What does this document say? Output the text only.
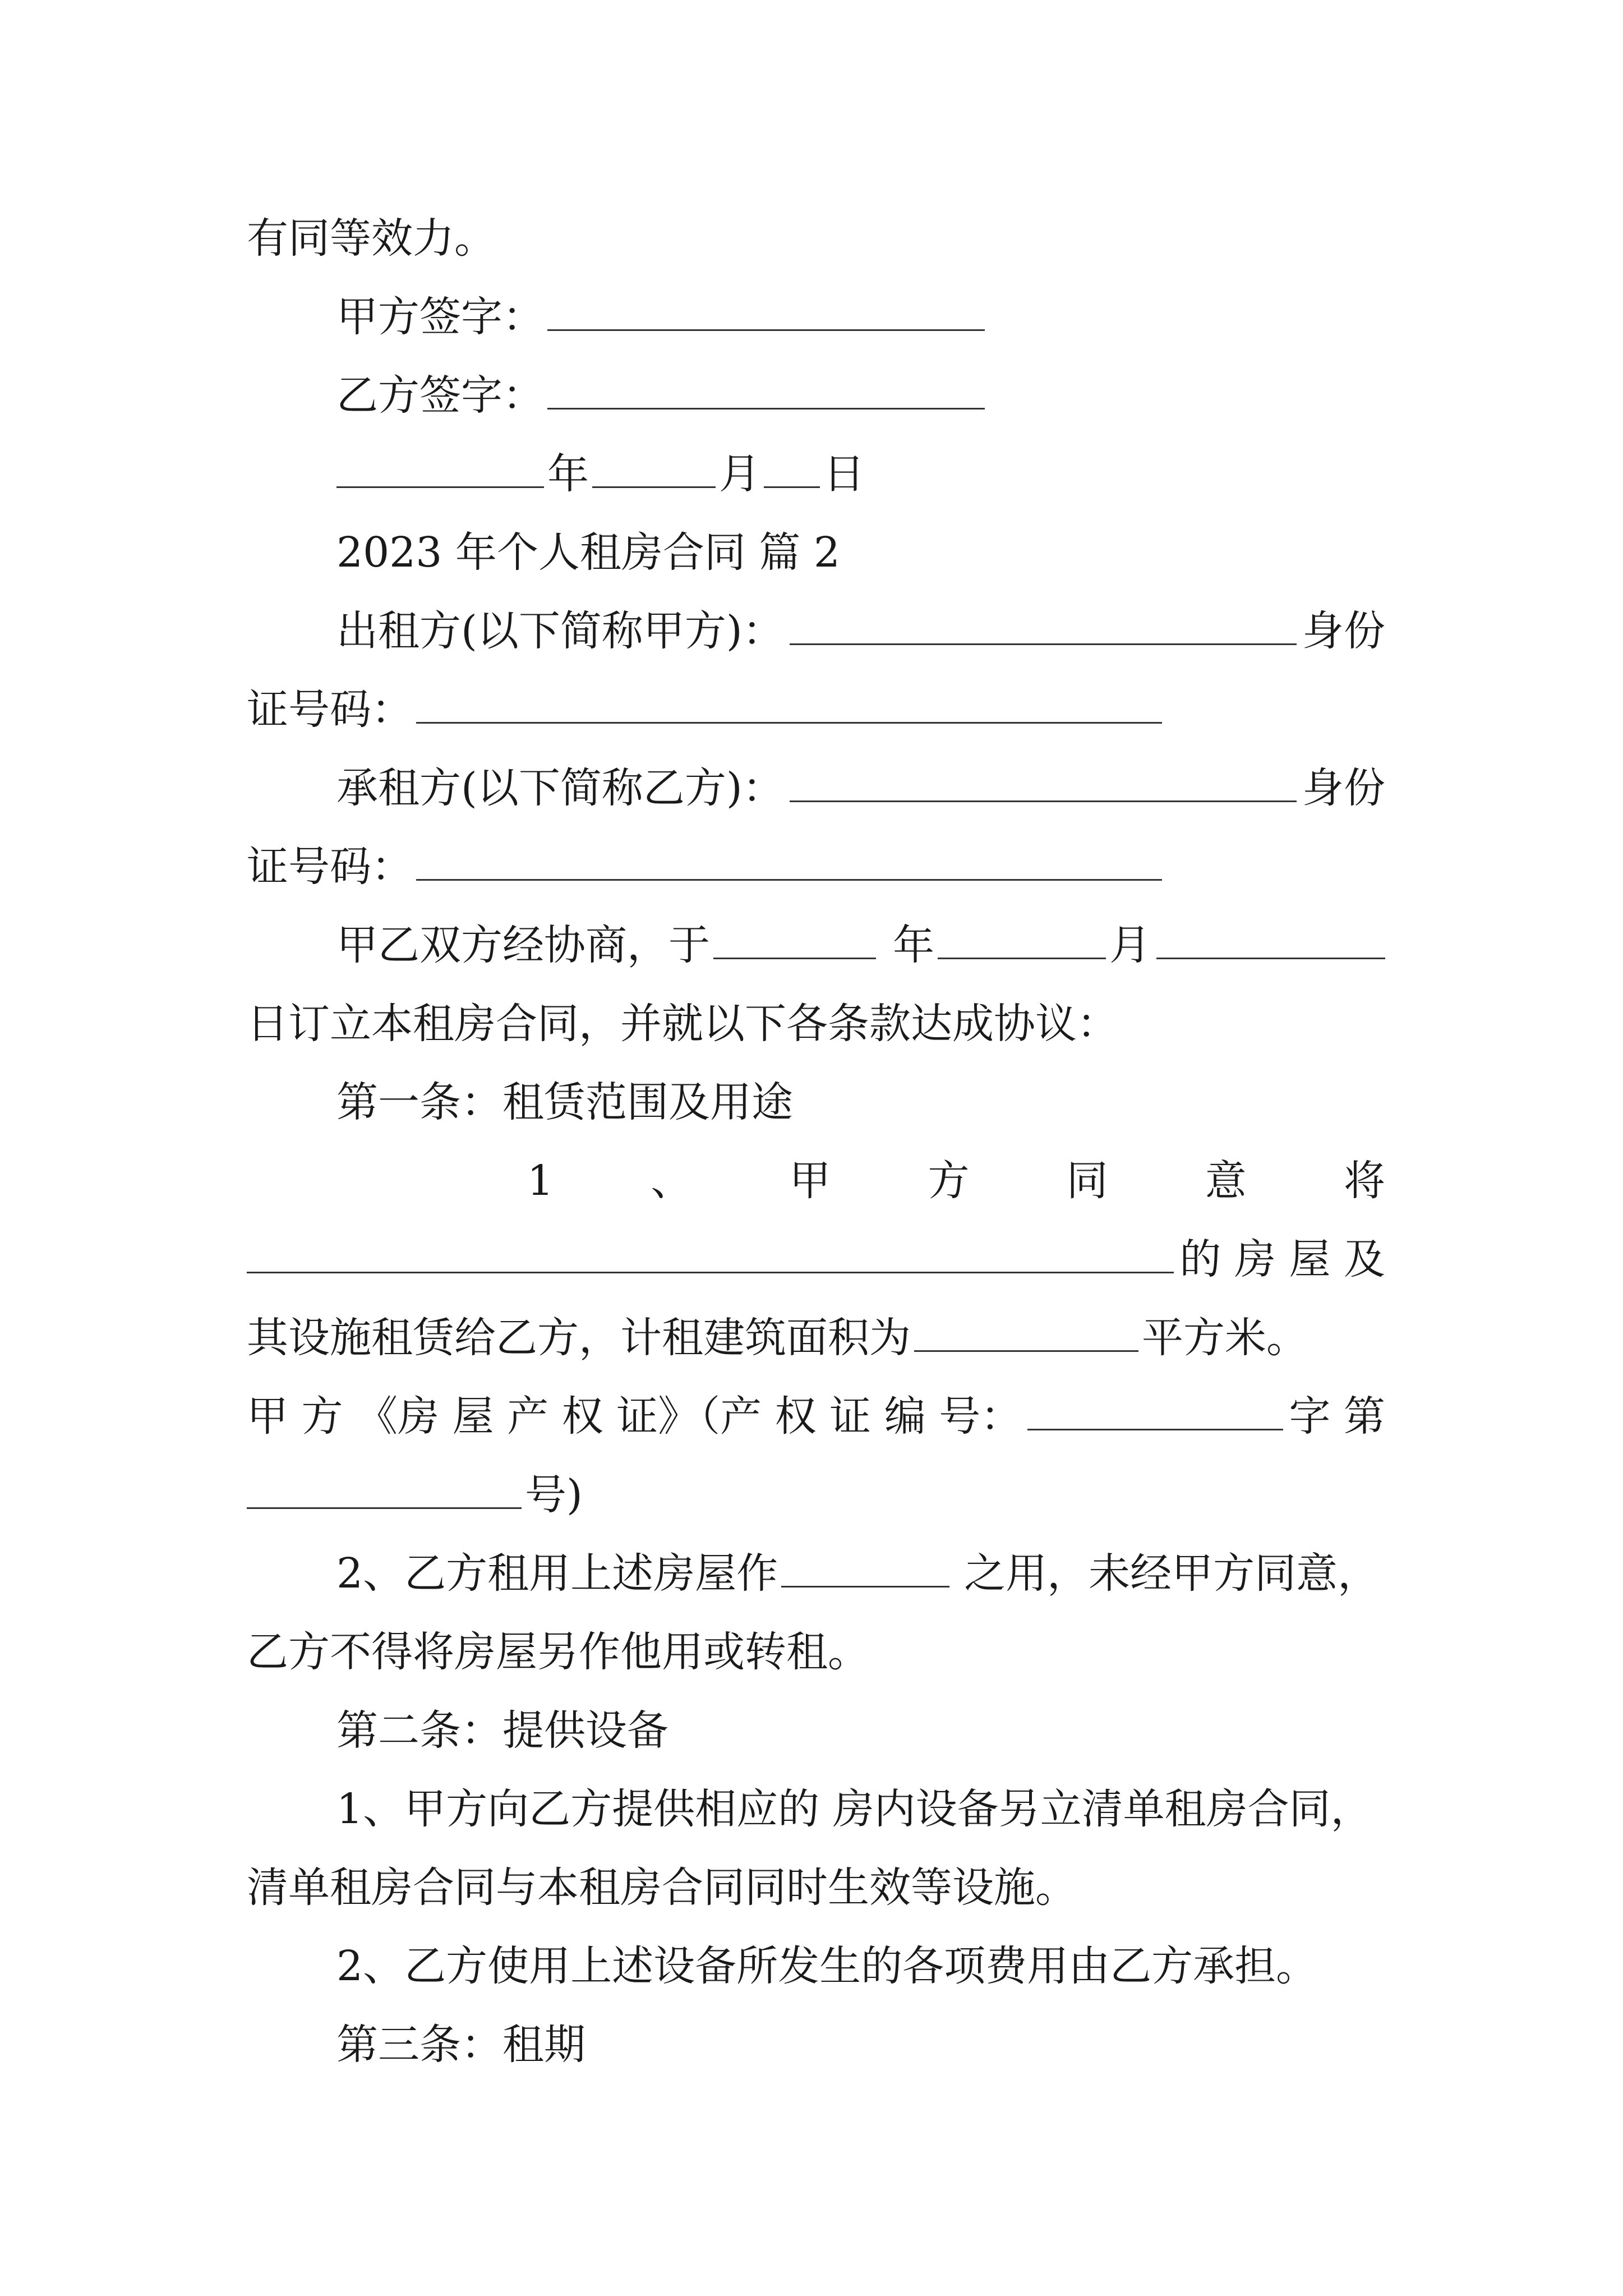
有同等效力。
甲方签字：
乙方签字：
年	月 日
2023 年个人租房合同 篇 2
出租方(以下简称甲方)：	身份
证号码：
承租方(以下简称乙方)：	身份
证号码：
甲乙双方经协商，于	年	月
日订立本租房合同，并就以下各条款达成协议：
第一条：租赁范围及用途
1 、 甲 方 同 意 将
的 房 屋 及
其设施租赁给乙方，计租建筑面积为	平方米。
甲 方 《房 屋 产 权 证》（产 权 证 编 号：	字 第
号)
2、乙方租用上述房屋作	之用，未经甲方同意，
乙方不得将房屋另作他用或转租。
第二条：提供设备
1、甲方向乙方提供相应的 房内设备另立清单租房合同，
清单租房合同与本租房合同同时生效等设施。
2、乙方使用上述设备所发生的各项费用由乙方承担。
第三条：租期
